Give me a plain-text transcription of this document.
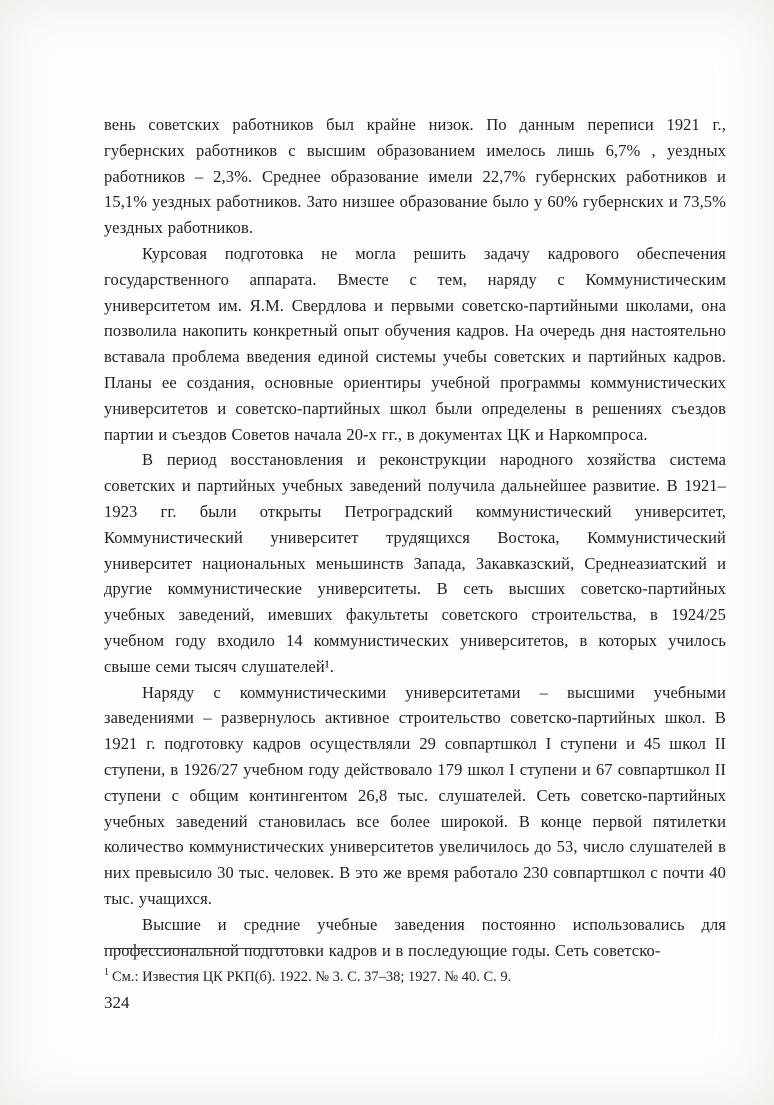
вень советских работников был крайне низок. По данным переписи 1921 г., губернских работников с высшим образованием имелось лишь 6,7% , уездных работников – 2,3%. Среднее образование имели 22,7% губернских работников и 15,1% уездных работников. Зато низшее образование было у 60% губернских и 73,5% уездных работников.

Курсовая подготовка не могла решить задачу кадрового обеспечения государственного аппарата. Вместе с тем, наряду с Коммунистическим университетом им. Я.М. Свердлова и первыми советско-партийными школами, она позволила накопить конкретный опыт обучения кадров. На очередь дня настоятельно вставала проблема введения единой системы учебы советских и партийных кадров. Планы ее создания, основные ориентиры учебной программы коммунистических университетов и советско-партийных школ были определены в решениях съездов партии и съездов Советов начала 20-х гг., в документах ЦК и Наркомпроса.

В период восстановления и реконструкции народного хозяйства система советских и партийных учебных заведений получила дальнейшее развитие. В 1921–1923 гг. были открыты Петроградский коммунистический университет, Коммунистический университет трудящихся Востока, Коммунистический университет национальных меньшинств Запада, Закавказский, Среднеазиатский и другие коммунистические университеты. В сеть высших советско-партийных учебных заведений, имевших факультеты советского строительства, в 1924/25 учебном году входило 14 коммунистических университетов, в которых училось свыше семи тысяч слушателей¹.

Наряду с коммунистическими университетами – высшими учебными заведениями – развернулось активное строительство советско-партийных школ. В 1921 г. подготовку кадров осуществляли 29 совпартшкол I ступени и 45 школ II ступени, в 1926/27 учебном году действовало 179 школ I ступени и 67 совпартшкол II ступени с общим контингентом 26,8 тыс. слушателей. Сеть советско-партийных учебных заведений становилась все более широкой. В конце первой пятилетки количество коммунистических университетов увеличилось до 53, число слушателей в них превысило 30 тыс. человек. В это же время работало 230 совпартшкол с почти 40 тыс. учащихся.

Высшие и средние учебные заведения постоянно использовались для профессиональной подготовки кадров и в последующие годы. Сеть советско-

$^1$ См.: Известия ЦК РКП(б). 1922. № 3. С. 37–38; 1927. № 40. С. 9.

324
